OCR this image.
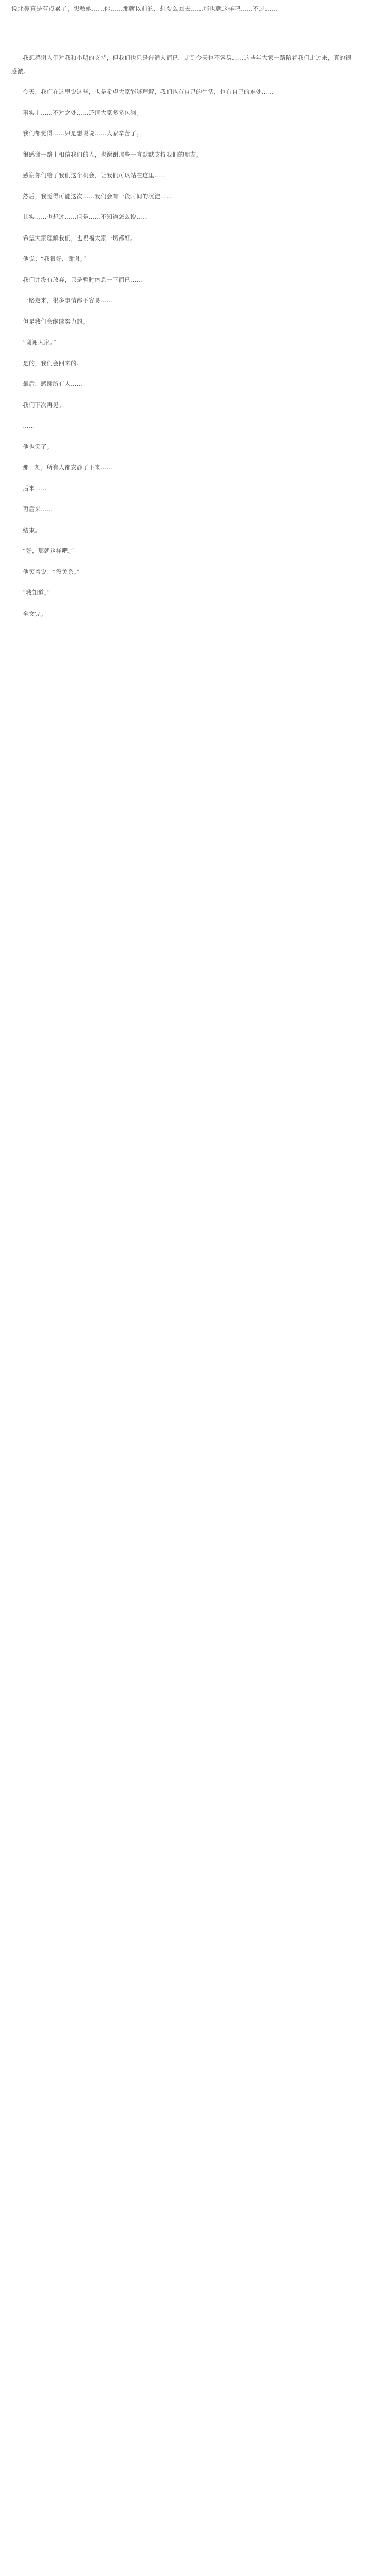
说北鼻真是有点累了，想教她……你……那就以前的，想要么回去……那也就这样吧……不过……

我想感谢人们对我和小明的支持，但我们也只是普通人而已，走到今天也不容易……这些年大家一路陪着我们走过来，真的很感激。

今天，我们在这里说这些，也是希望大家能够理解，我们也有自己的生活，也有自己的难处……

事实上……不对之处……还请大家多多包涵。

我们都觉得……只是想说说……大家辛苦了。

很感谢一路上相信我们的人，也谢谢那些一直默默支持我们的朋友。

感谢你们给了我们这个机会，让我们可以站在这里……

然后，我觉得可能这次……我们会有一段时间的沉淀……

其实……也想过……但是……不知道怎么说……

希望大家理解我们，也祝福大家一切都好。

他说：“我很好，谢谢。”

我们并没有放弃，只是暂时休息一下而已……

一路走来，很多事情都不容易……

但是我们会继续努力的。

“谢谢大家。”

是的，我们会回来的。

最后，感谢所有人……

我们下次再见。

……

他也笑了。

那一刻，所有人都安静了下来……

后来……

再后来……

结束。

“好，那就这样吧。”

他笑着说：“没关系。”

“我知道。”

全文完。
